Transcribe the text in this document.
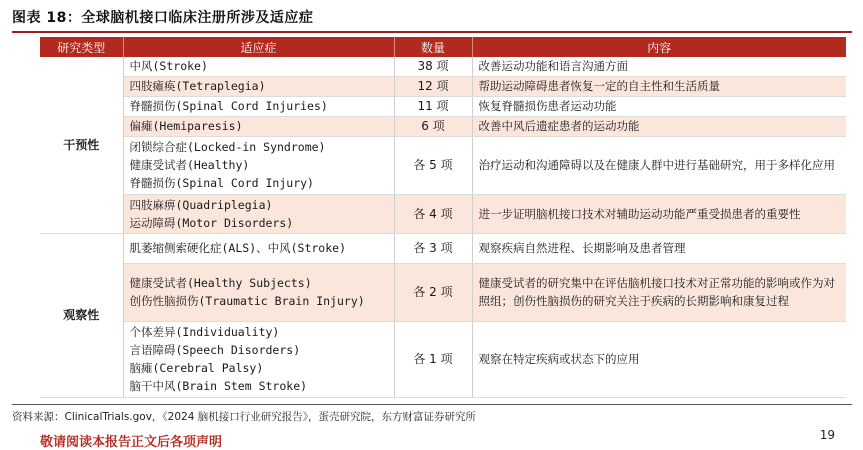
图表 18：全球脑机接口临床注册所涉及适应症
研究类型	适应症	数量	内容
干预性	中风(Stroke)	38 项	改善运动功能和语言沟通方面

	四肢瘫痪(Tetraplegia)	12 项	帮助运动障碍患者恢复一定的自主性和生活质量

	脊髓损伤(Spinal Cord Injuries)	11 项	恢复脊髓损伤患者运动功能

	偏瘫(Hemiparesis)	6 项	改善中风后遗症患者的运动功能

	闭锁综合症(Locked-in Syndrome)
健康受试者(Healthy)
脊髓损伤(Spinal Cord Injury)	各 5 项	治疗运动和沟通障碍以及在健康人群中进行基础研究，用于多样化应用

	四肢麻痹(Quadriplegia)
运动障碍(Motor Disorders)	各 4 项	进一步证明脑机接口技术对辅助运动功能严重受损患者的重要性
观察性	肌萎缩侧索硬化症(ALS)、中风(Stroke)	各 3 项	观察疾病自然进程、长期影响及患者管理

	健康受试者(Healthy Subjects)
创伤性脑损伤(Traumatic Brain Injury)	各 2 项	健康受试者的研究集中在评估脑机接口技术对正常功能的影响或作为对照组；创伤性脑损伤的研究关注于疾病的长期影响和康复过程

	个体差异(Individuality)
言语障碍(Speech Disorders)
脑瘫(Cerebral Palsy)
脑干中风(Brain Stem Stroke)	各 1 项	观察在特定疾病或状态下的应用
资料来源：ClinicalTrials.gov，《2024 脑机接口行业研究报告》，蛋壳研究院，东方财富证券研究所
敬请阅读本报告正文后各项声明	19
